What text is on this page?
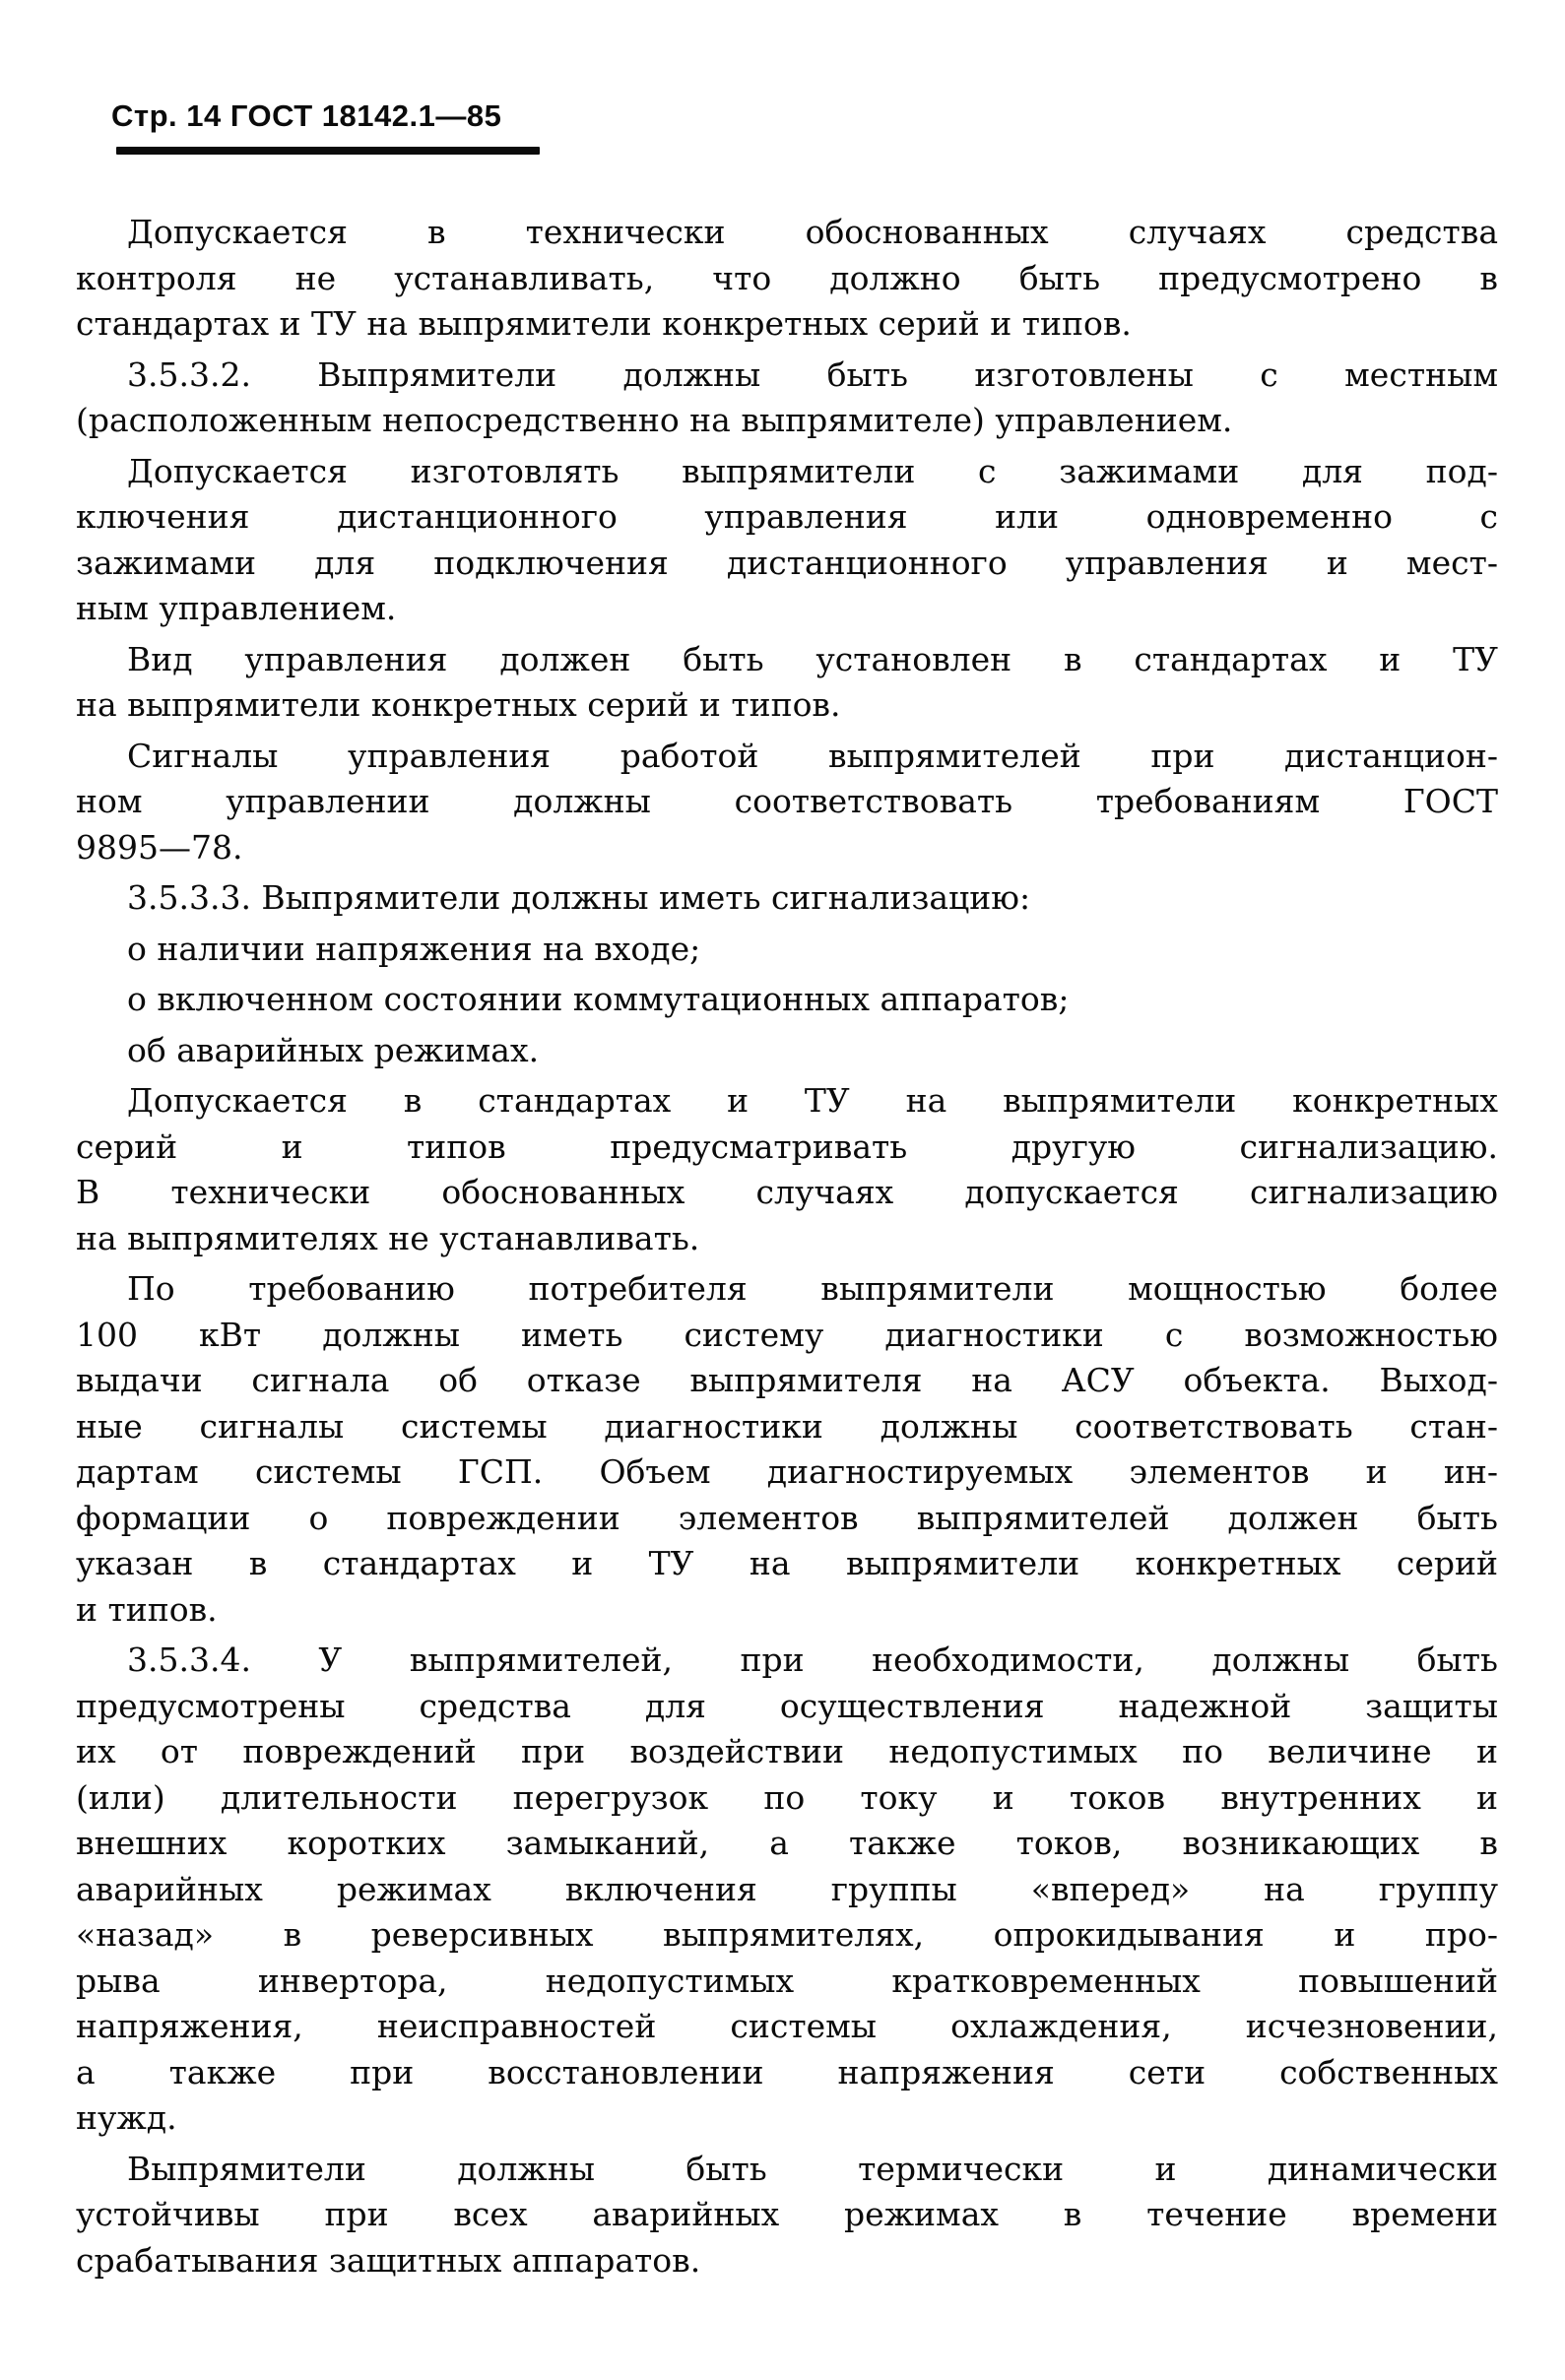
Стр. 14 ГОСТ 18142.1—85
Допускается в технически обоснованных случаях средства
контроля не устанавливать, что должно быть предусмотрено в
стандартах и ТУ на выпрямители конкретных серий и типов.
3.5.3.2. Выпрямители должны быть изготовлены с местным
(расположенным непосредственно на выпрямителе) управлением.
Допускается изготовлять выпрямители с зажимами для под-
ключения дистанционного управления или одновременно с
зажимами для подключения дистанционного управления и мест-
ным управлением.
Вид управления должен быть установлен в стандартах и ТУ
на выпрямители конкретных серий и типов.
Сигналы управления работой выпрямителей при дистанцион-
ном управлении должны соответствовать требованиям ГОСТ
9895—78.
3.5.3.3. Выпрямители должны иметь сигнализацию:
о наличии напряжения на входе;
о включенном состоянии коммутационных аппаратов;
об аварийных режимах.
Допускается в стандартах и ТУ на выпрямители конкретных
серий и типов предусматривать другую сигнализацию.
В технически обоснованных случаях допускается сигнализацию
на выпрямителях не устанавливать.
По требованию потребителя выпрямители мощностью более
100 кВт должны иметь систему диагностики с возможностью
выдачи сигнала об отказе выпрямителя на АСУ объекта. Выход-
ные сигналы системы диагностики должны соответствовать стан-
дартам системы ГСП. Объем диагностируемых элементов и ин-
формации о повреждении элементов выпрямителей должен быть
указан в стандартах и ТУ на выпрямители конкретных серий
и типов.
3.5.3.4. У выпрямителей, при необходимости, должны быть
предусмотрены средства для осуществления надежной защиты
их от повреждений при воздействии недопустимых по величине и
(или) длительности перегрузок по току и токов внутренних и
внешних коротких замыканий, а также токов, возникающих в
аварийных режимах включения группы «вперед» на группу
«назад» в реверсивных выпрямителях, опрокидывания и про-
рыва инвертора, недопустимых кратковременных повышений
напряжения, неисправностей системы охлаждения, исчезновении,
а также при восстановлении напряжения сети собственных
нужд.
Выпрямители должны быть термически и динамически
устойчивы при всех аварийных режимах в течение времени
срабатывания защитных аппаратов.
